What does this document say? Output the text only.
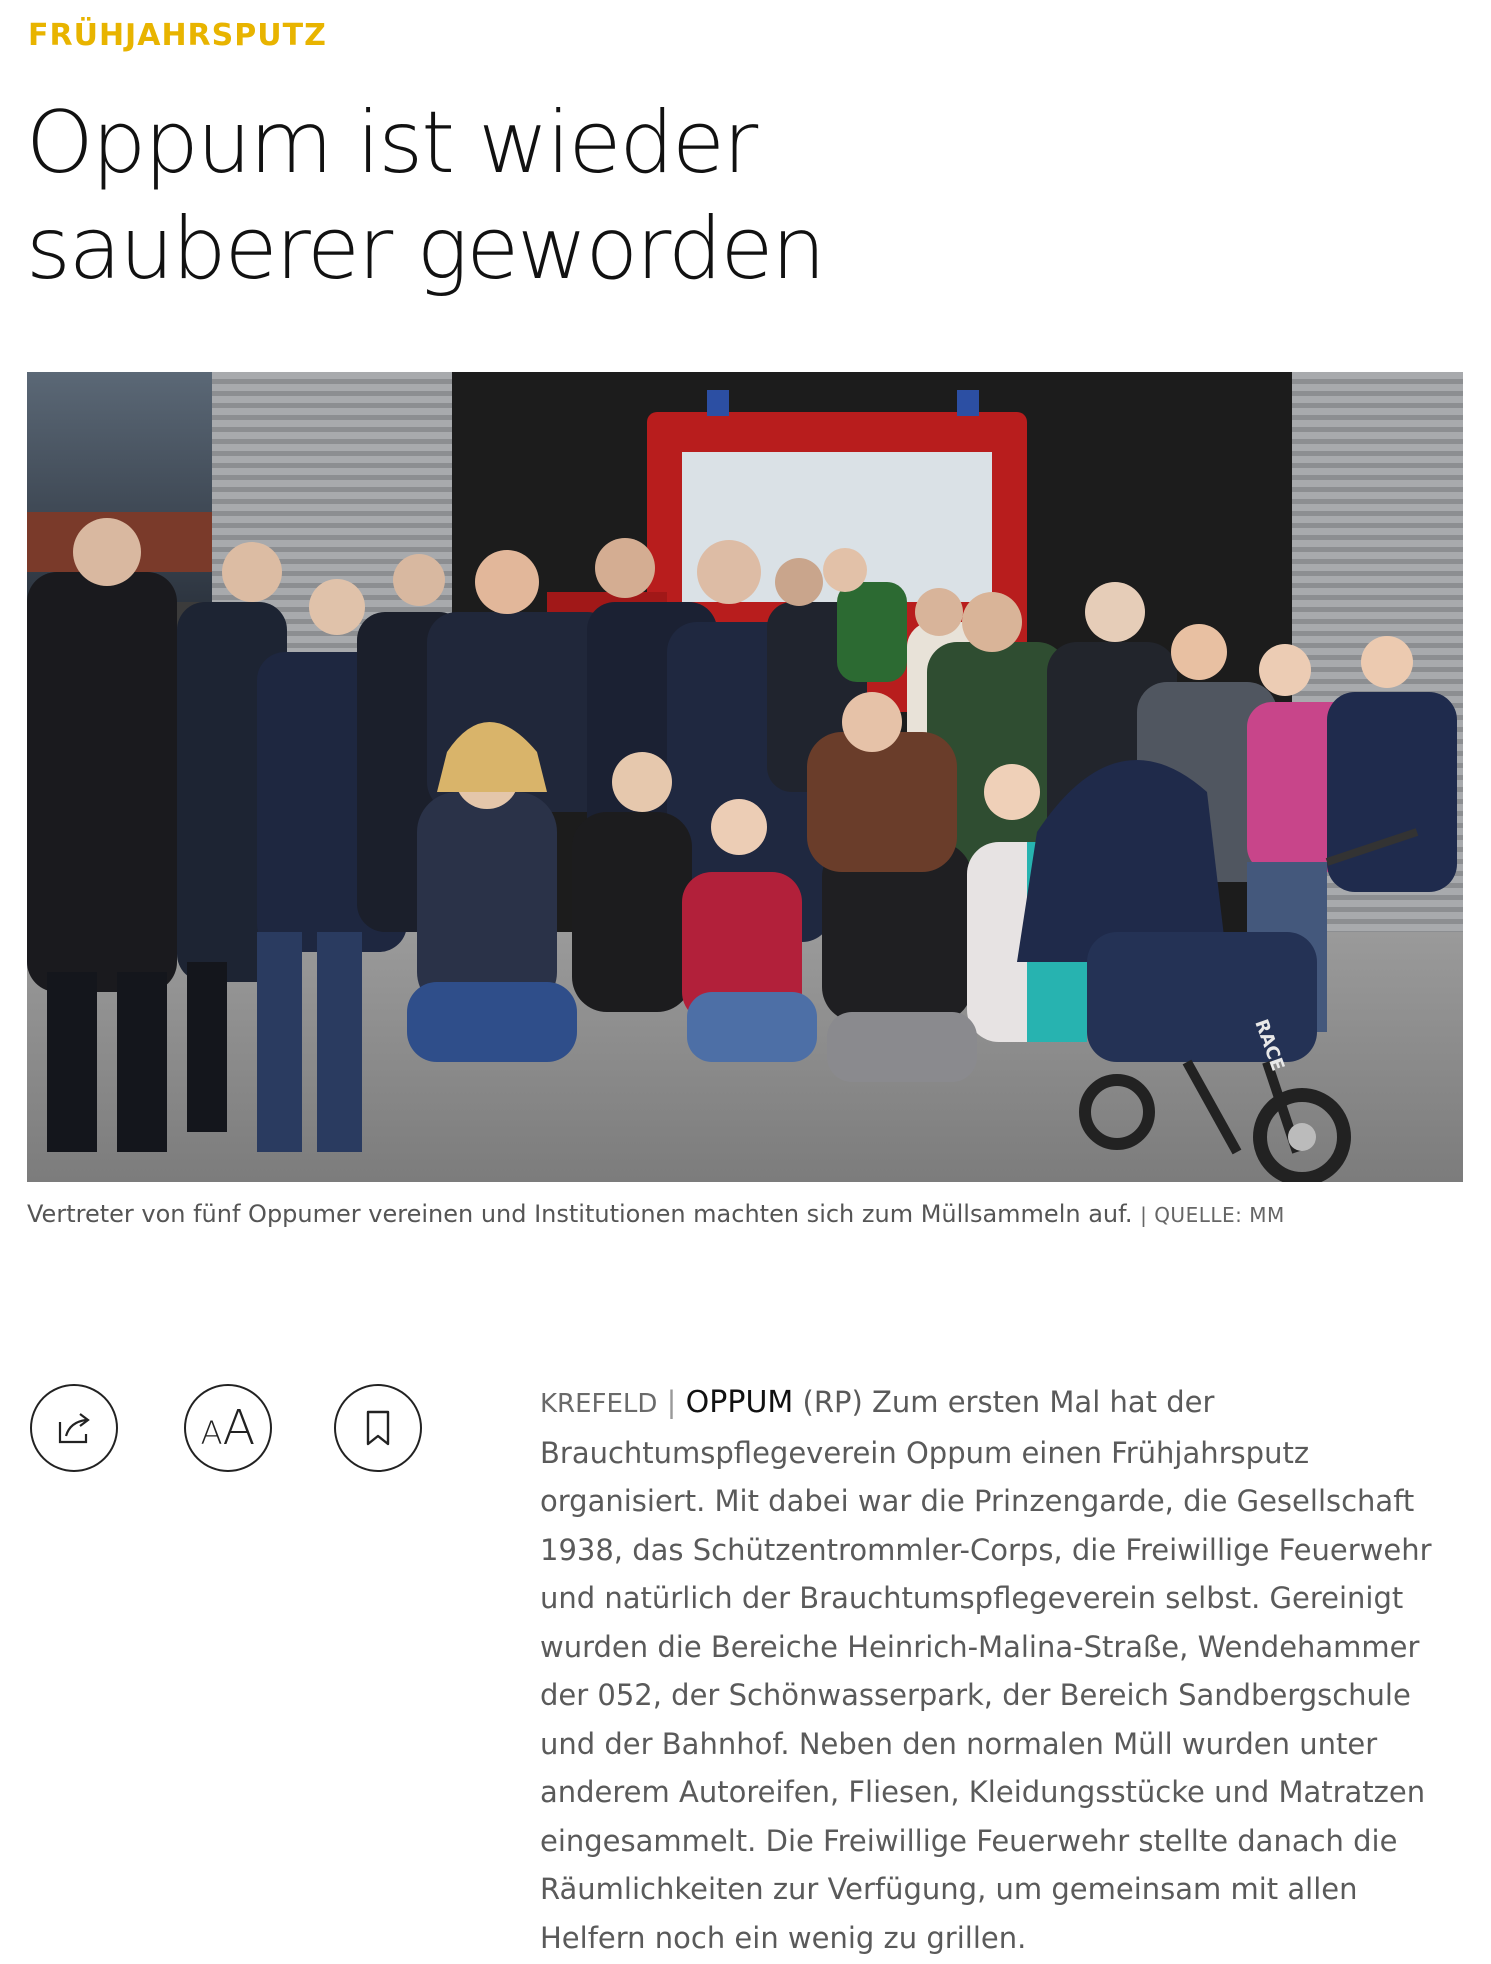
FRÜHJAHRSPUTZ
Oppum ist wieder sauberer geworden
RACE
Vertreter von fünf Oppumer vereinen und Institutionen machten sich zum Müllsammeln auf. | QUELLE: MM
AA	KREFELD | OPPUM (RP) Zum ersten Mal hat der Brauchtumspflegeverein Oppum einen Frühjahrsputz organisiert. Mit dabei war die Prinzengarde, die Gesellschaft 1938, das Schützentrommler-Corps, die Freiwillige Feuerwehr und natürlich der Brauchtumspflegeverein selbst. Gereinigt wurden die Bereiche Heinrich-Malina-Straße, Wendehammer der 052, der Schönwasserpark, der Bereich Sandbergschule und der Bahnhof. Neben den normalen Müll wurden unter anderem Autoreifen, Fliesen, Kleidungsstücke und Matratzen eingesammelt. Die Freiwillige Feuerwehr stellte danach die Räumlichkeiten zur Verfügung, um gemeinsam mit allen Helfern noch ein wenig zu grillen.
